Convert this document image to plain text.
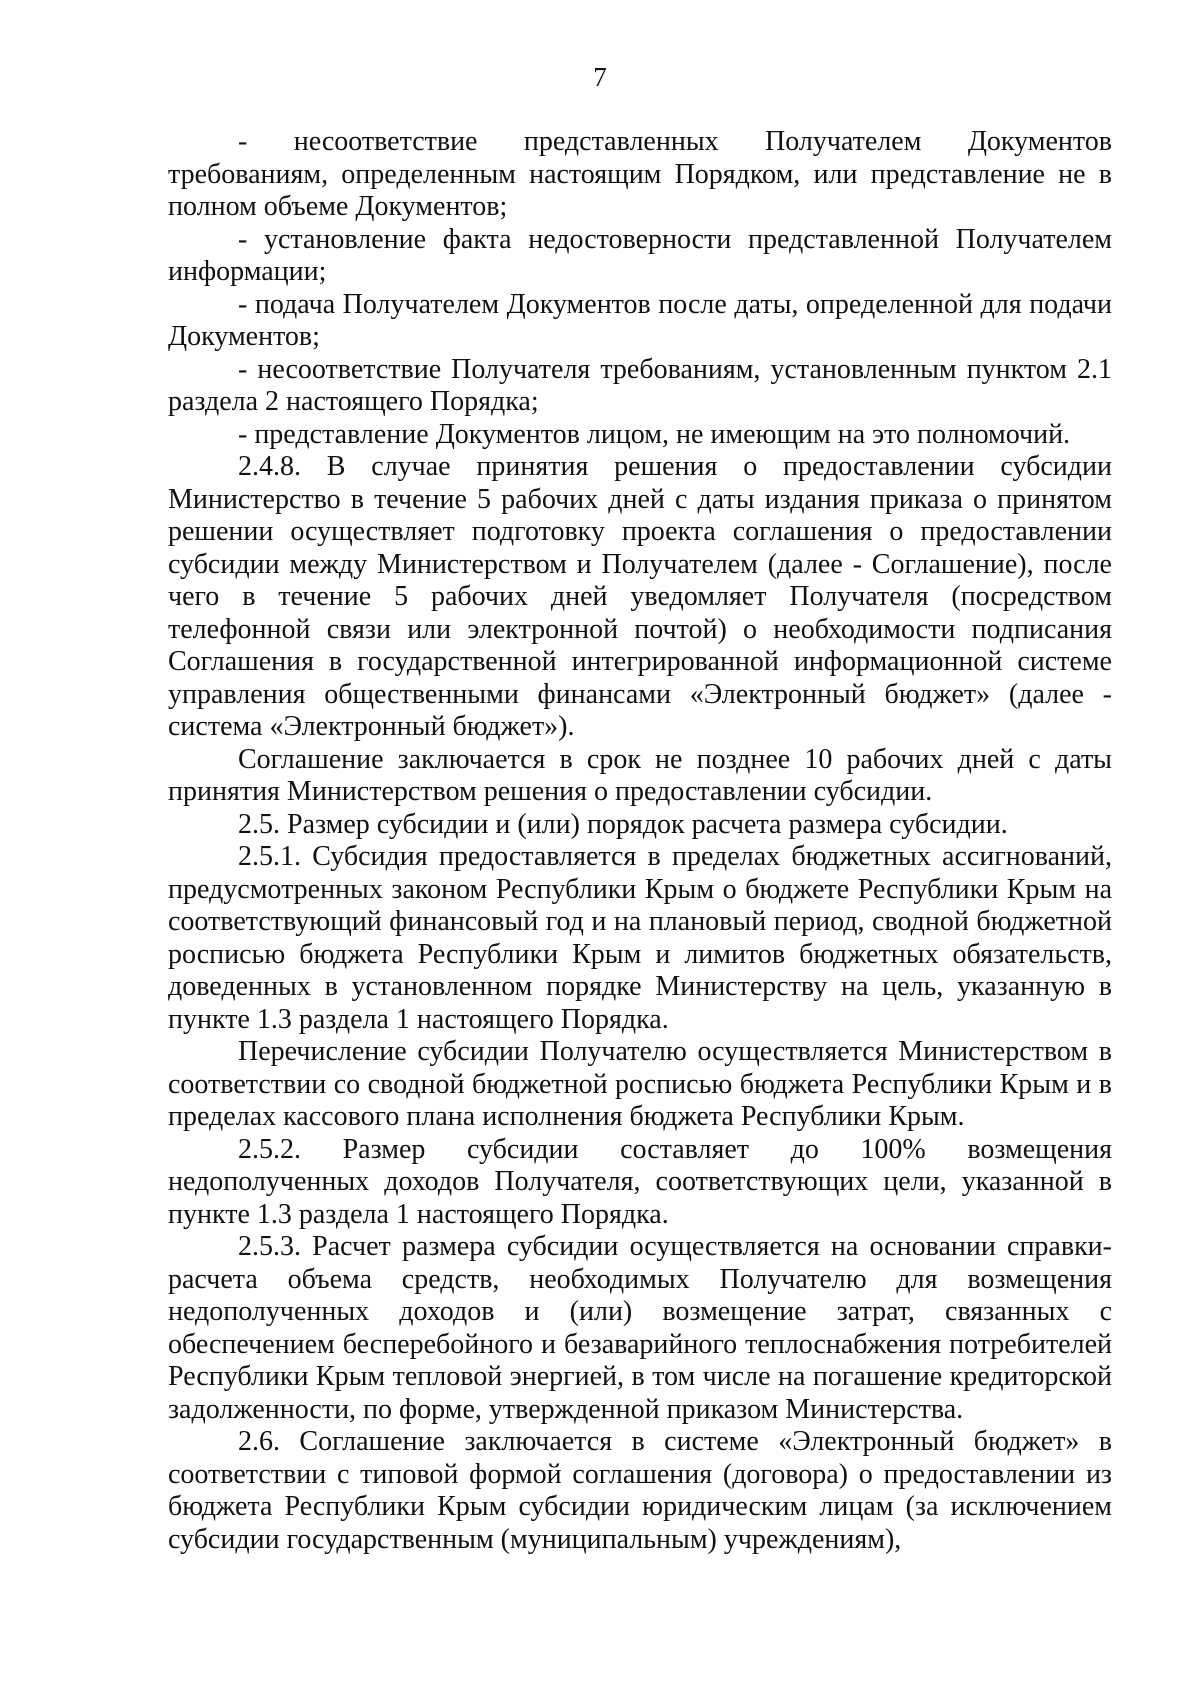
7

- несоответствие представленных Получателем Документов требованиям, определенным настоящим Порядком, или представление не в полном объеме Документов;

- установление факта недостоверности представленной Получателем информации;

- подача Получателем Документов после даты, определенной для подачи Документов;

- несоответствие Получателя требованиям, установленным пунктом 2.1 раздела 2 настоящего Порядка;

- представление Документов лицом, не имеющим на это полномочий.

2.4.8. В случае принятия решения о предоставлении субсидии Министерство в течение 5 рабочих дней с даты издания приказа о принятом решении осуществляет подготовку проекта соглашения о предоставлении субсидии между Министерством и Получателем (далее - Соглашение), после чего в течение 5 рабочих дней уведомляет Получателя (посредством телефонной связи или электронной почтой) о необходимости подписания Соглашения в государственной интегрированной информационной системе управления общественными финансами «Электронный бюджет» (далее - система «Электронный бюджет»).

Соглашение заключается в срок не позднее 10 рабочих дней с даты принятия Министерством решения о предоставлении субсидии.

2.5. Размер субсидии и (или) порядок расчета размера субсидии.

2.5.1. Субсидия предоставляется в пределах бюджетных ассигнований, предусмотренных законом Республики Крым о бюджете Республики Крым на соответствующий финансовый год и на плановый период, сводной бюджетной росписью бюджета Республики Крым и лимитов бюджетных обязательств, доведенных в установленном порядке Министерству на цель, указанную в пункте 1.3 раздела 1 настоящего Порядка.

Перечисление субсидии Получателю осуществляется Министерством в соответствии со сводной бюджетной росписью бюджета Республики Крым и в пределах кассового плана исполнения бюджета Республики Крым.

2.5.2. Размер субсидии составляет до 100% возмещения недополученных доходов Получателя, соответствующих цели, указанной в пункте 1.3 раздела 1 настоящего Порядка.

2.5.3. Расчет размера субсидии осуществляется на основании справки-расчета объема средств, необходимых Получателю для возмещения недополученных доходов и (или) возмещение затрат, связанных с обеспечением бесперебойного и безаварийного теплоснабжения потребителей Республики Крым тепловой энергией, в том числе на погашение кредиторской задолженности, по форме, утвержденной приказом Министерства.

2.6. Соглашение заключается в системе «Электронный бюджет» в соответствии с типовой формой соглашения (договора) о предоставлении из бюджета Республики Крым субсидии юридическим лицам (за исключением субсидии государственным (муниципальным) учреждениям),
